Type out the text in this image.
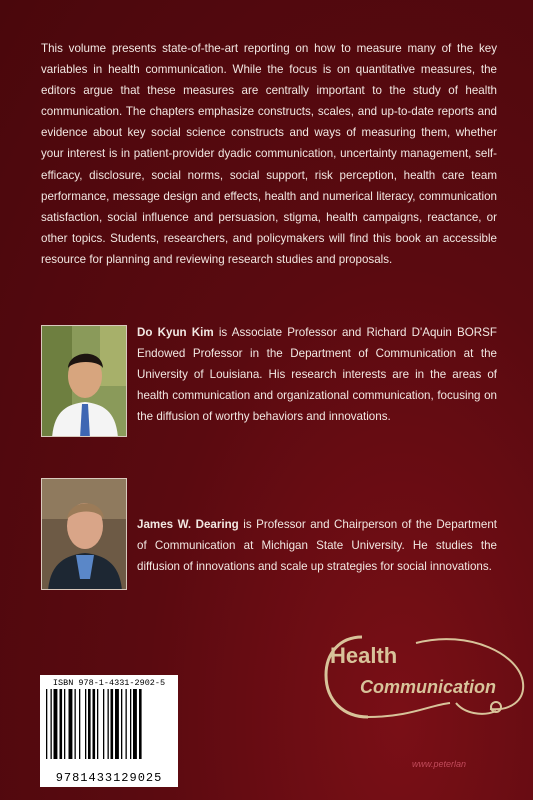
This volume presents state-of-the-art reporting on how to measure many of the key variables in health communication. While the focus is on quantitative measures, the editors argue that these measures are centrally important to the study of health communication. The chapters emphasize constructs, scales, and up-to-date reports and evidence about key social science constructs and ways of measuring them, whether your interest is in patient-provider dyadic communication, uncertainty management, self-efficacy, disclosure, social norms, social support, risk perception, health care team performance, message design and effects, health and numerical literacy, communication satisfaction, social influence and persuasion, stigma, health campaigns, reactance, or other topics. Students, researchers, and policymakers will find this book an accessible resource for planning and reviewing research studies and proposals.

Do Kyun Kim is Associate Professor and Richard D'Aquin BORSF Endowed Professor in the Department of Communication at the University of Louisiana. His research interests are in the areas of health communication and organizational communication, focusing on the diffusion of worthy behaviors and innovations.

James W. Dearing is Professor and Chairperson of the Department of Communication at Michigan State University. He studies the diffusion of innovations and scale up strategies for social innovations.

Health
Communication
ISBN 978-1-4331-2902-5
9781433129025
www.peterlan
